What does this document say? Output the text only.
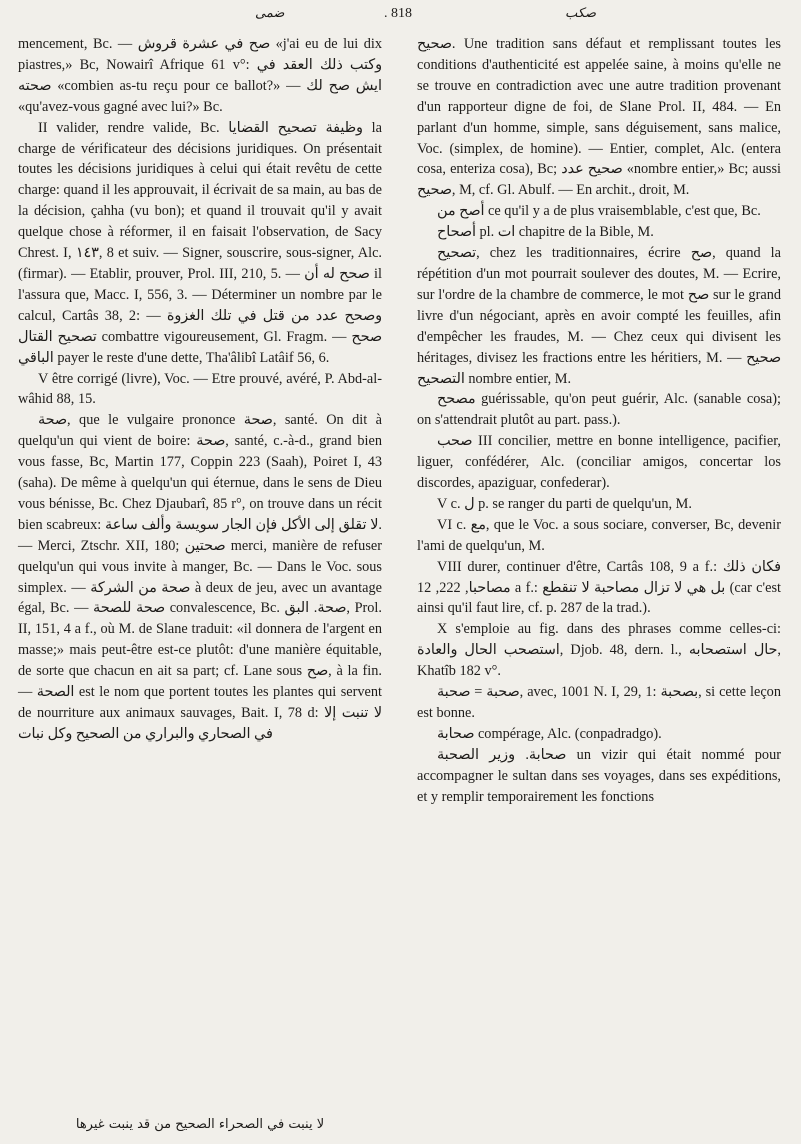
ضمى	. 818	صكب

mencement, Bc. — صح في عشرة قروش «j'ai eu de lui dix piastres,» Bc, Nowairî Afrique 61 v°: وكتب ذلك العقد في صحته «combien as-tu reçu pour ce ballot?» — ايش صح لك «qu'avez-vous gagné avec lui?» Bc.

II valider, rendre valide, Bc. وظيفة تصحيح القضايا la charge de vérificateur des décisions juridiques. On présentait toutes les décisions juridiques à celui qui était revêtu de cette charge: quand il les approuvait, il écrivait de sa main, au bas de la décision, çahha (vu bon); et quand il trouvait qu'il y avait quelque chose à réformer, il en faisait l'observation, de Sacy Chrest. I, ١٤٣, 8 et suiv. — Signer, souscrire, sous-signer, Alc. (firmar). — Etablir, prouver, Prol. III, 210, 5. — صحح له أن il l'assura que, Macc. I, 556, 3. — Déterminer un nombre par le calcul, Cartâs 38, 2: وصحح عدد من قتل في تلك الغزوة — تصحيح القتال combattre vigoureusement, Gl. Fragm. — صحح الباقي payer le reste d'une dette, Tha'âlibî Latâif 56, 6.

V être corrigé (livre), Voc. — Etre prouvé, avéré, P. Abd-al-wâhid 88, 15.

صحة, que le vulgaire prononce صحة, santé. On dit à quelqu'un qui vient de boire: صحة, santé, c.-à-d., grand bien vous fasse, Bc, Martin 177, Coppin 223 (Saah), Poiret I, 43 (saha). De même à quelqu'un qui éternue, dans le sens de Dieu vous bénisse, Bc. Chez Djaubarî, 85 r°, on trouve dans un récit bien scabreux: لا تقلق إلى الأكل فإن الجار سويسة وألف ساعة. — Merci, Ztschr. XII, 180; صحتين merci, manière de refuser quelqu'un qui vous invite à manger, Bc. — Dans le Voc. sous simplex. — صحة من الشركة à deux de jeu, avec un avantage égal, Bc. — صحة للصحة convalescence, Bc. صحة. البق, Prol. II, 151, 4 a f., où M. de Slane traduit: «il donnera de l'argent en masse;» mais peut-être est-ce plutôt: d'une manière équitable, de sorte que chacun en ait sa part; cf. Lane sous صح, à la fin. — الصحة est le nom que portent toutes les plantes qui servent de nourriture aux animaux sauvages, Bait. I, 78 d: لا تنبت إلا في الصحاري والبراري من الصحيح وكل نبات

صحيح. Une tradition sans défaut et remplissant toutes les conditions d'authenticité est appelée saine, à moins qu'elle ne se trouve en contradiction avec une autre tradition provenant d'un rapporteur digne de foi, de Slane Prol. II, 484. — En parlant d'un homme, simple, sans déguisement, sans malice, Voc. (simplex, de homine). — Entier, complet, Alc. (entera cosa, enteriza cosa), Bc; صحيح عدد «nombre entier,» Bc; aussi صحيح, M, cf. Gl. Abulf. — En archit., droit, M.

أصح من ce qu'il y a de plus vraisemblable, c'est que, Bc.

أصحاح pl. ات chapitre de la Bible, M.

تصحيح, chez les traditionnaires, écrire صح, quand la répétition d'un mot pourrait soulever des doutes, M. — Ecrire, sur l'ordre de la chambre de commerce, le mot صح sur le grand livre d'un négociant, après en avoir compté les feuilles, afin d'empêcher les fraudes, M. — Chez ceux qui divisent les héritages, divisez les fractions entre les héritiers, M. — صحيح التصحيح nombre entier, M.

مصحح guérissable, qu'on peut guérir, Alc. (sanable cosa); on s'attendrait plutôt au part. pass.).

صحب III concilier, mettre en bonne intelligence, pacifier, liguer, confédérer, Alc. (conciliar amigos, concertar los discordes, apaziguar, confederar).

V c. ل p. se ranger du parti de quelqu'un, M.

VI c. مع, que le Voc. a sous sociare, converser, Bc, devenir l'ami de quelqu'un, M.

VIII durer, continuer d'être, Cartâs 108, 9 a f.: فكان ذلك مصاحبا, 222, 12 a f.: بل هي لا تزال مصاحبة لا تنقطع (car c'est ainsi qu'il faut lire, cf. p. 287 de la trad.).

X s'emploie au fig. dans des phrases comme celles-ci: استصحب الحال والعادة, Djob. 48, dern. l., حال استصحابه, Khatîb 182 v°.

صحبة = صحبة, avec, 1001 N. I, 29, 1: بصحبة, si cette leçon est bonne.

صحابة compérage, Alc. (conpadradgo).

صحابة. وزير الصحبة un vizir qui était nommé pour accompagner le sultan dans ses voyages, dans ses expéditions, et y remplir temporairement les fonctions

لا ينبت في الصحراء الصحيح من قد ينبت غيرها
